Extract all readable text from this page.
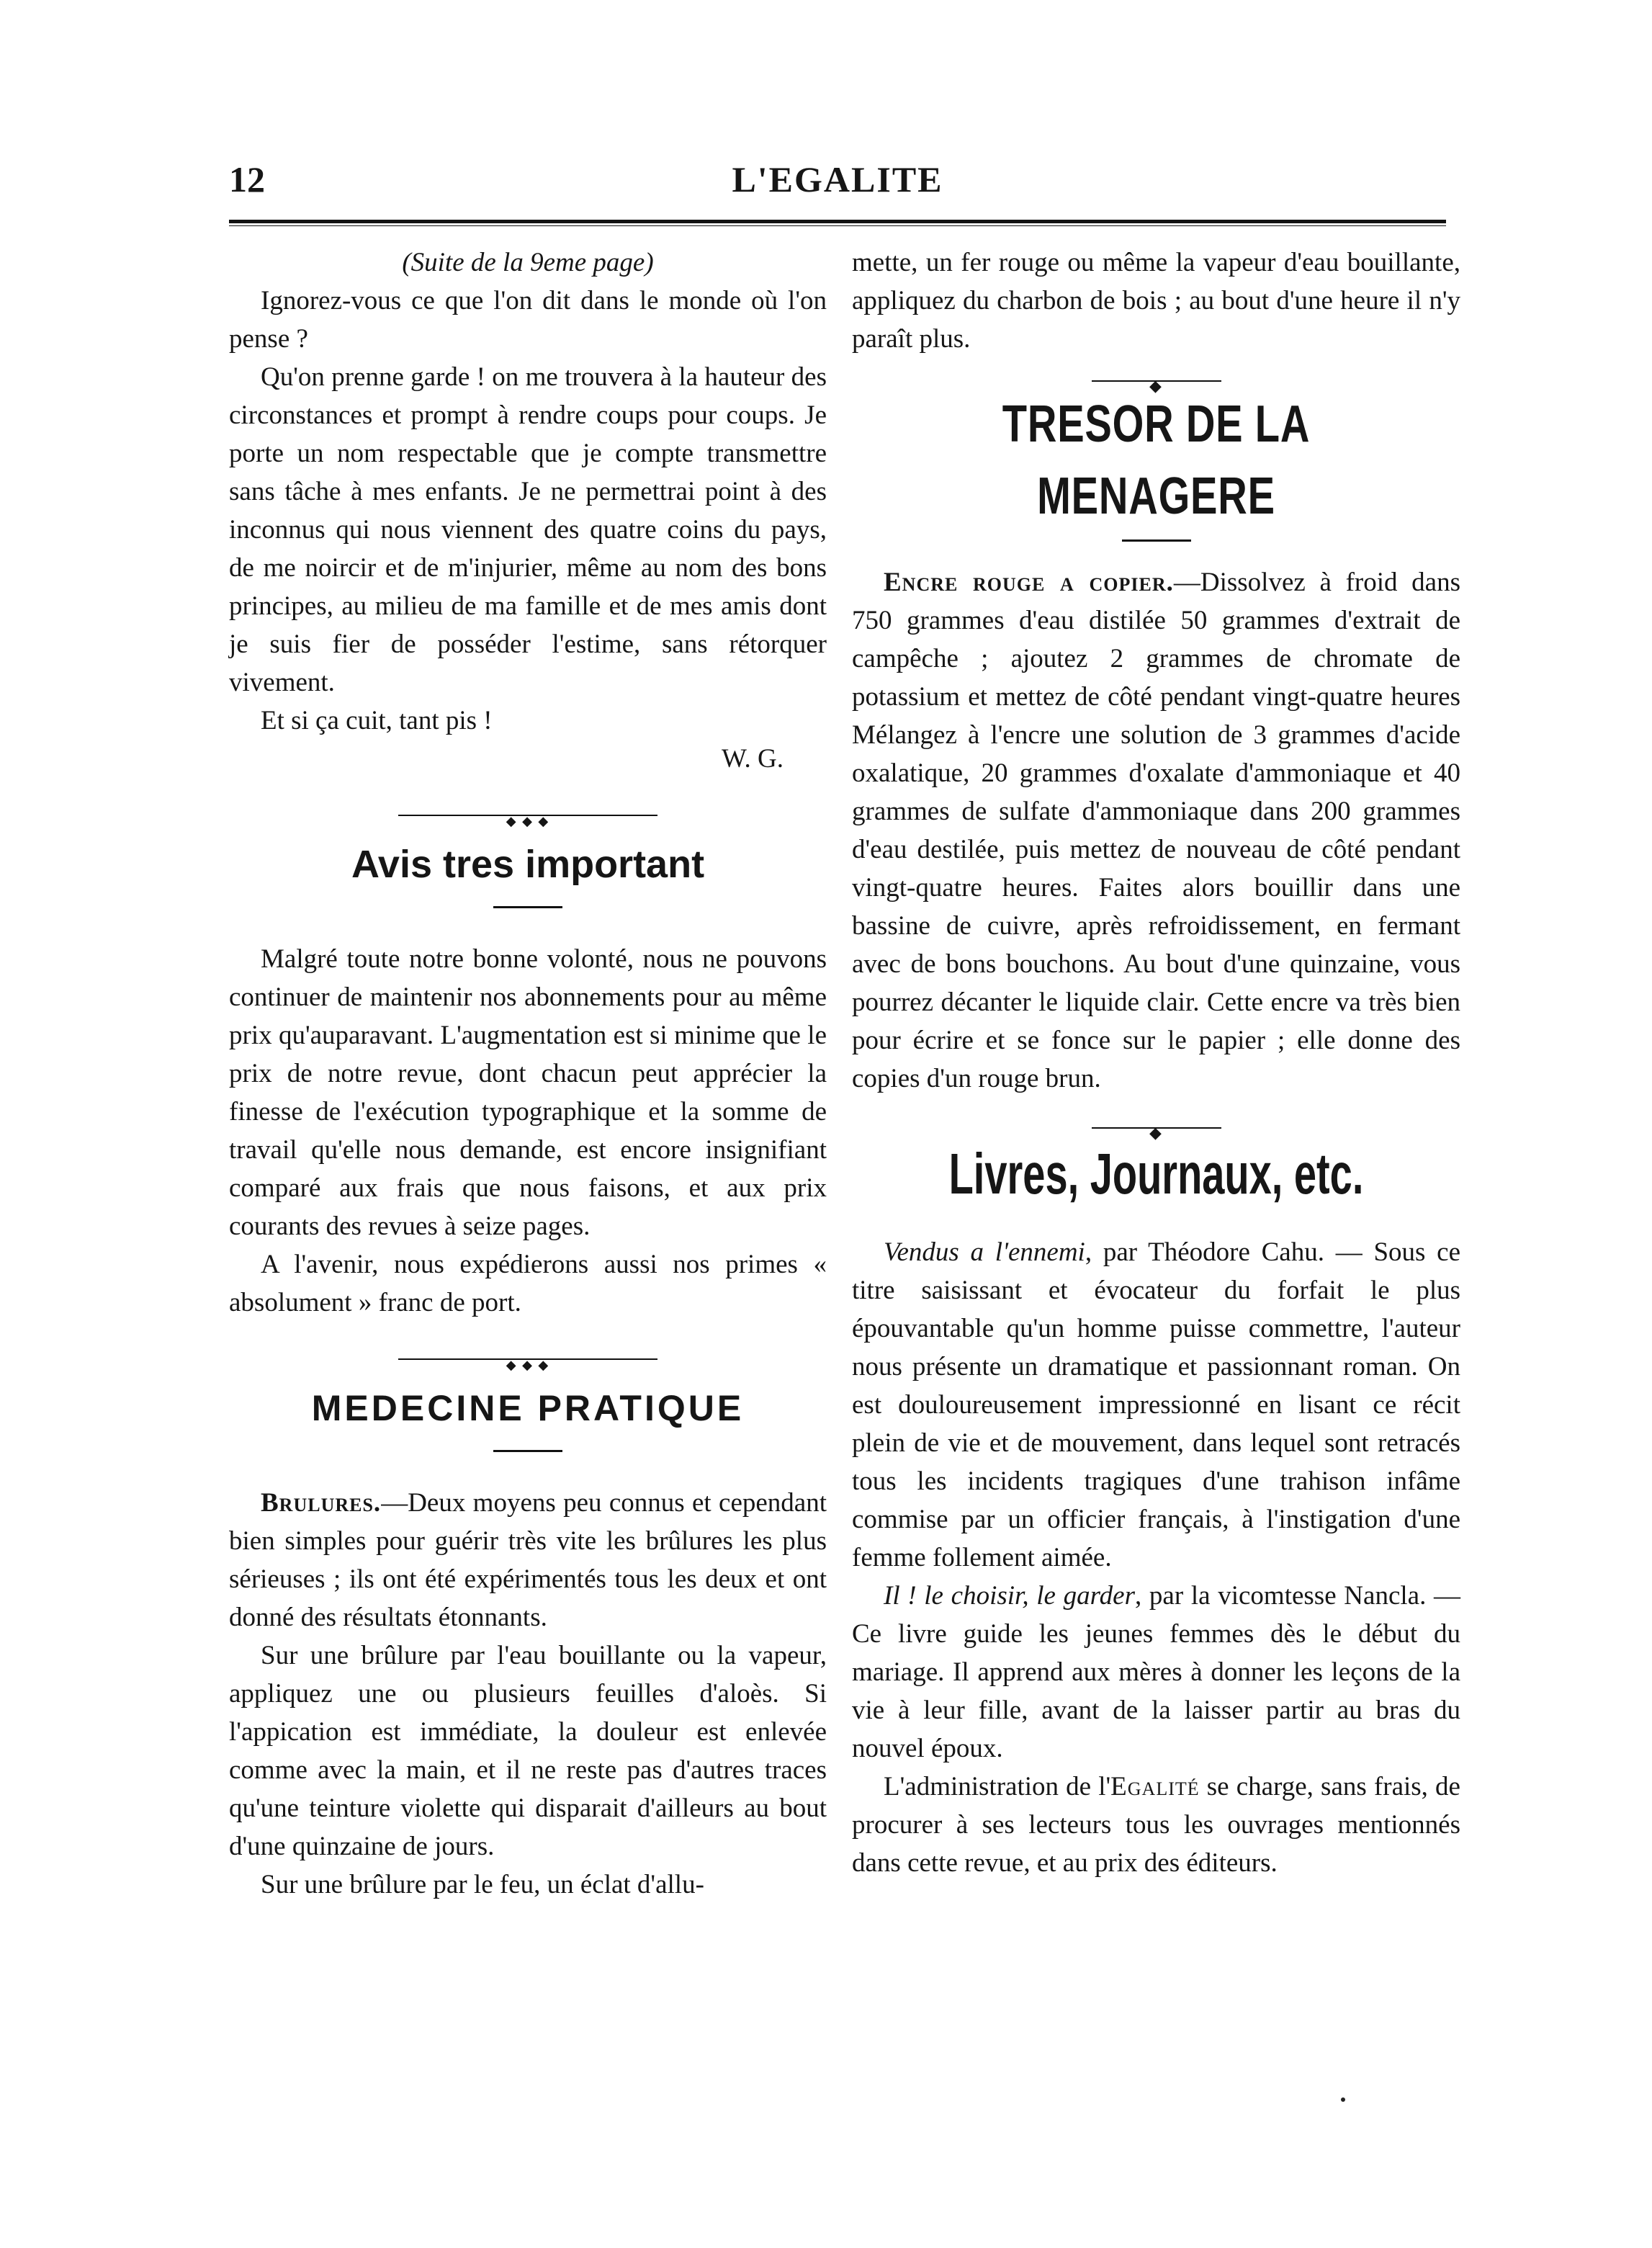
12	L'EGALITE

(Suite de la 9eme page)

Ignorez-vous ce que l'on dit dans le monde où l'on pense ?

Qu'on prenne garde ! on me trouvera à la hauteur des circonstances et prompt à rendre coups pour coups. Je porte un nom respectable que je compte transmettre sans tâche à mes enfants. Je ne permettrai point à des inconnus qui nous viennent des quatre coins du pays, de me noircir et de m'injurier, même au nom des bons principes, au milieu de ma famille et de mes amis dont je suis fier de posséder l'estime, sans rétorquer vivement.

Et si ça cuit, tant pis !

W. G.

◆ ◆ ◆
Avis tres important

Malgré toute notre bonne volonté, nous ne pouvons continuer de maintenir nos abonnements pour au même prix qu'auparavant. L'augmentation est si minime que le prix de notre revue, dont chacun peut apprécier la finesse de l'exécution typographique et la somme de travail qu'elle nous demande, est encore insignifiant comparé aux frais que nous faisons, et aux prix courants des revues à seize pages.

A l'avenir, nous expédierons aussi nos primes « absolument » franc de port.

◆ ◆ ◆
MEDECINE PRATIQUE

Brulures.—Deux moyens peu connus et cependant bien simples pour guérir très vite les brûlures les plus sérieuses ; ils ont été expérimentés tous les deux et ont donné des résultats étonnants.

Sur une brûlure par l'eau bouillante ou la vapeur, appliquez une ou plusieurs feuilles d'aloès. Si l'appication est immédiate, la douleur est enlevée comme avec la main, et il ne reste pas d'autres traces qu'une teinture violette qui disparait d'ailleurs au bout d'une quinzaine de jours.

Sur une brûlure par le feu, un éclat d'allu-

mette, un fer rouge ou même la vapeur d'eau bouillante, appliquez du charbon de bois ; au bout d'une heure il n'y paraît plus.

◆
TRESOR DE LA MENAGERE

Encre rouge a copier.—Dissolvez à froid dans 750 grammes d'eau distilée 50 grammes d'extrait de campêche ; ajoutez 2 grammes de chromate de potassium et mettez de côté pendant vingt-quatre heures Mélangez à l'encre une solution de 3 grammes d'acide oxalatique, 20 grammes d'oxalate d'ammoniaque et 40 grammes de sulfate d'ammoniaque dans 200 grammes d'eau destilée, puis mettez de nouveau de côté pendant vingt-quatre heures. Faites alors bouillir dans une bassine de cuivre, après refroidissement, en fermant avec de bons bouchons. Au bout d'une quinzaine, vous pourrez décanter le liquide clair. Cette encre va très bien pour écrire et se fonce sur le papier ; elle donne des copies d'un rouge brun.

◆
Livres, Journaux, etc.

Vendus a l'ennemi, par Théodore Cahu. — Sous ce titre saisissant et évocateur du forfait le plus épouvantable qu'un homme puisse commettre, l'auteur nous présente un dramatique et passionnant roman. On est douloureusement impressionné en lisant ce récit plein de vie et de mouvement, dans lequel sont retracés tous les incidents tragiques d'une trahison infâme commise par un officier français, à l'instigation d'une femme follement aimée.

Il ! le choisir, le garder, par la vicomtesse Nancla. — Ce livre guide les jeunes femmes dès le début du mariage. Il apprend aux mères à donner les leçons de la vie à leur fille, avant de la laisser partir au bras du nouvel époux.

L'administration de l'Egalité se charge, sans frais, de procurer à ses lecteurs tous les ouvrages mentionnés dans cette revue, et au prix des éditeurs.
